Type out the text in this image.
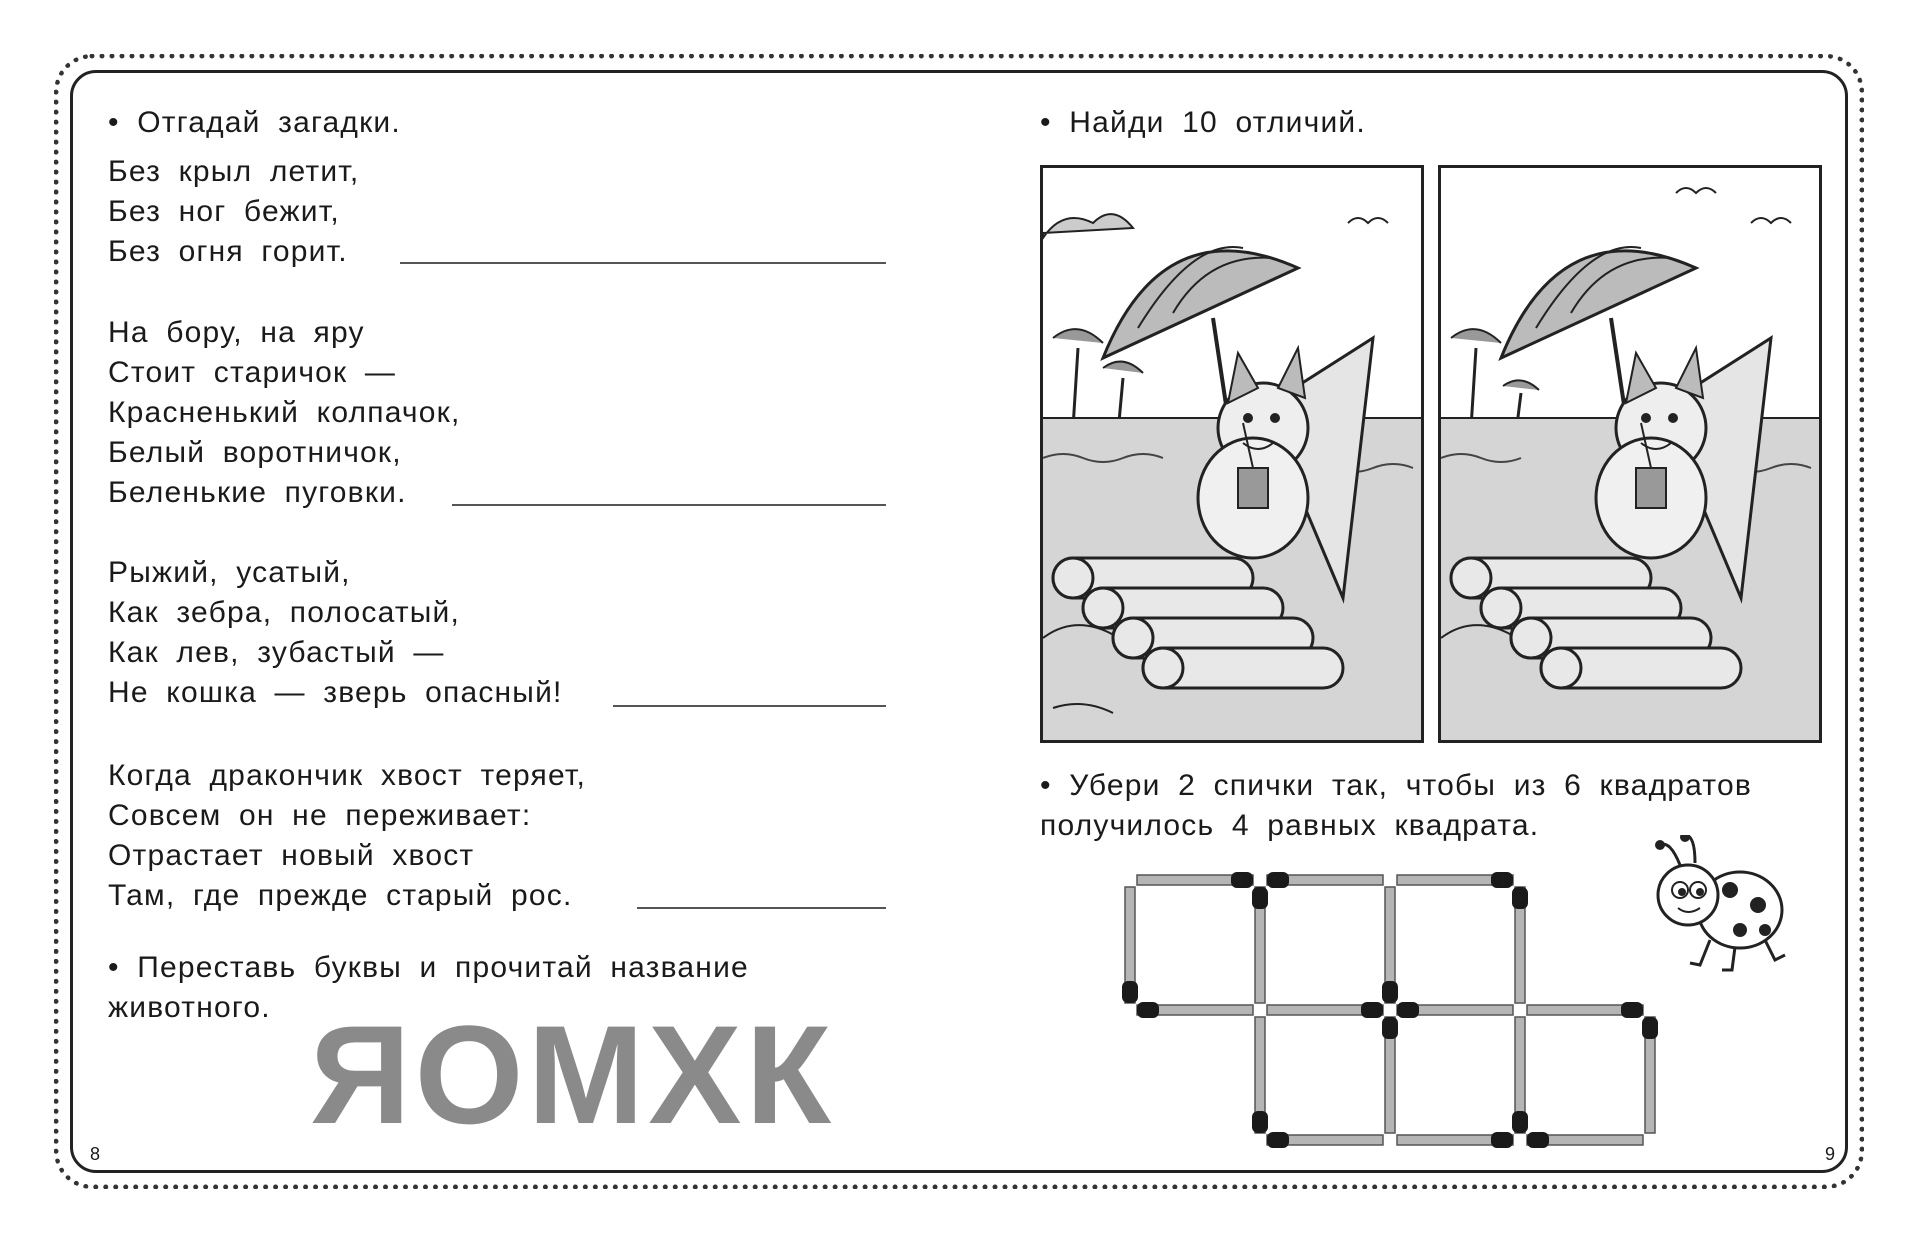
• Отгадай загадки.
Без крыл летит,
Без ног бежит,
Без огня горит.
На бору, на яру
Стоит старичок —
Красненький колпачок,
Белый воротничок,
Беленькие пуговки.
Рыжий, усатый,
Как зебра, полосатый,
Как лев, зубастый —
Не кошка — зверь опасный!
Когда дракончик хвост теряет,
Совсем он не переживает:
Отрастает новый хвост
Там, где прежде старый рос.
• Переставь буквы и прочитай название
животного. ЯОМХК
8
• Найди 10 отличий.
• Убери 2 спички так, чтобы из 6 квадратов
получилось 4 равных квадрата.
9
